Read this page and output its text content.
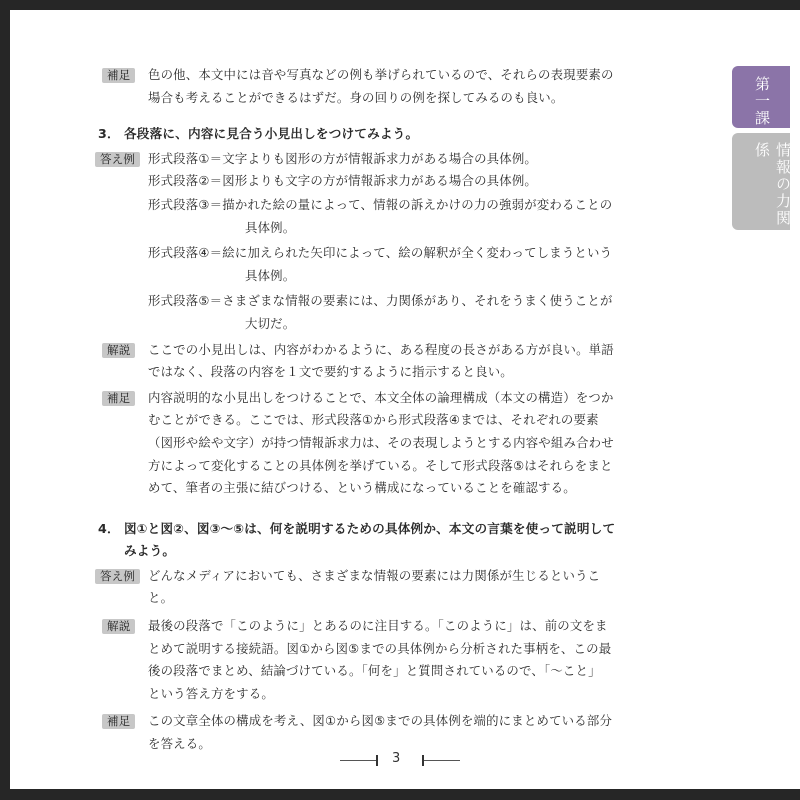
第一課
情報の力関係
補足	色の他、本文中には音や写真などの例も挙げられているので、それらの表現要素の
場合も考えることができるはずだ。身の回りの例を探してみるのも良い。
3． 各段落に、内容に見合う小見出しをつけてみよう。
答え例	形式段落①＝文字よりも図形の方が情報訴求力がある場合の具体例。
形式段落②＝図形よりも文字の方が情報訴求力がある場合の具体例。
形式段落③＝描かれた絵の量によって、情報の訴えかけの力の強弱が変わることの
具体例。
形式段落④＝絵に加えられた矢印によって、絵の解釈が全く変わってしまうという
具体例。
形式段落⑤＝さまざまな情報の要素には、力関係があり、それをうまく使うことが
大切だ。
解説	ここでの小見出しは、内容がわかるように、ある程度の長さがある方が良い。単語
ではなく、段落の内容を１文で要約するように指示すると良い。
補足	内容説明的な小見出しをつけることで、本文全体の論理構成（本文の構造）をつか
むことができる。ここでは、形式段落①から形式段落④までは、それぞれの要素
（図形や絵や文字）が持つ情報訴求力は、その表現しようとする内容や組み合わせ
方によって変化することの具体例を挙げている。そして形式段落⑤はそれらをまと
めて、筆者の主張に結びつける、という構成になっていることを確認する。
4． 図①と図②、図③〜⑤は、何を説明するための具体例か、本文の言葉を使って説明して
みよう。
答え例	どんなメディアにおいても、さまざまな情報の要素には力関係が生じるというこ
と。
解説	最後の段落で「このように」とあるのに注目する。「このように」は、前の文をま
とめて説明する接続語。図①から図⑤までの具体例から分析された事柄を、この最
後の段落でまとめ、結論づけている。「何を」と質問されているので、「〜こと」
という答え方をする。
補足	この文章全体の構成を考え、図①から図⑤までの具体例を端的にまとめている部分
を答える。
3
